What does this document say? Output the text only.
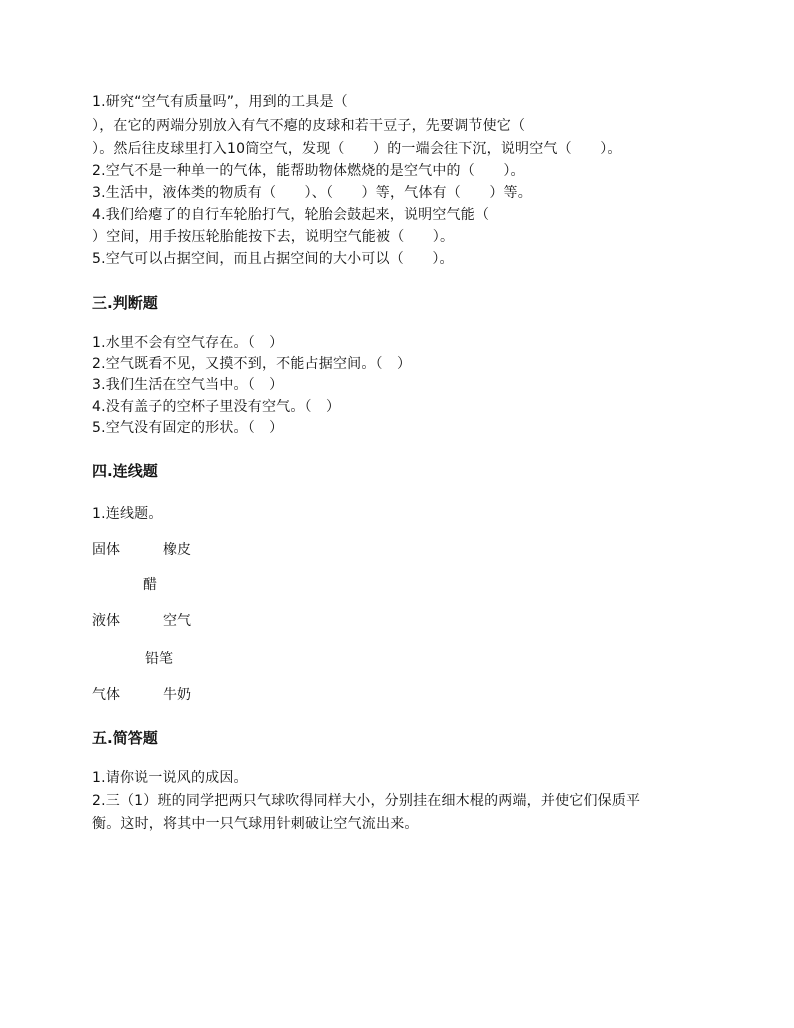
1.研究“空气有质量吗”，用到的工具是（
），在它的两端分别放入有气不瘪的皮球和若干豆子，先要调节使它（
）。然后往皮球里打入10筒空气，发现（　　）的一端会往下沉，说明空气（　　）。
2.空气不是一种单一的气体，能帮助物体燃烧的是空气中的（　　）。
3.生活中，液体类的物质有（　　）、（　　）等，气体有（　　）等。
4.我们给瘪了的自行车轮胎打气，轮胎会鼓起来，说明空气能（
）空间，用手按压轮胎能按下去，说明空气能被（　　）。
5.空气可以占据空间，而且占据空间的大小可以（　　）。
三.判断题
1.水里不会有空气存在。（　）
2.空气既看不见，又摸不到，不能占据空间。（　）
3.我们生活在空气当中。（　）
4.没有盖子的空杯子里没有空气。（　）
5.空气没有固定的形状。（　）
四.连线题
1.连线题。
固体	橡皮
醋
液体	空气
铅笔
气体	牛奶
五.简答题
1.请你说一说风的成因。
2.三（1）班的同学把两只气球吹得同样大小，分别挂在细木棍的两端，并使它们保质平
衡。这时，将其中一只气球用针刺破让空气流出来。
